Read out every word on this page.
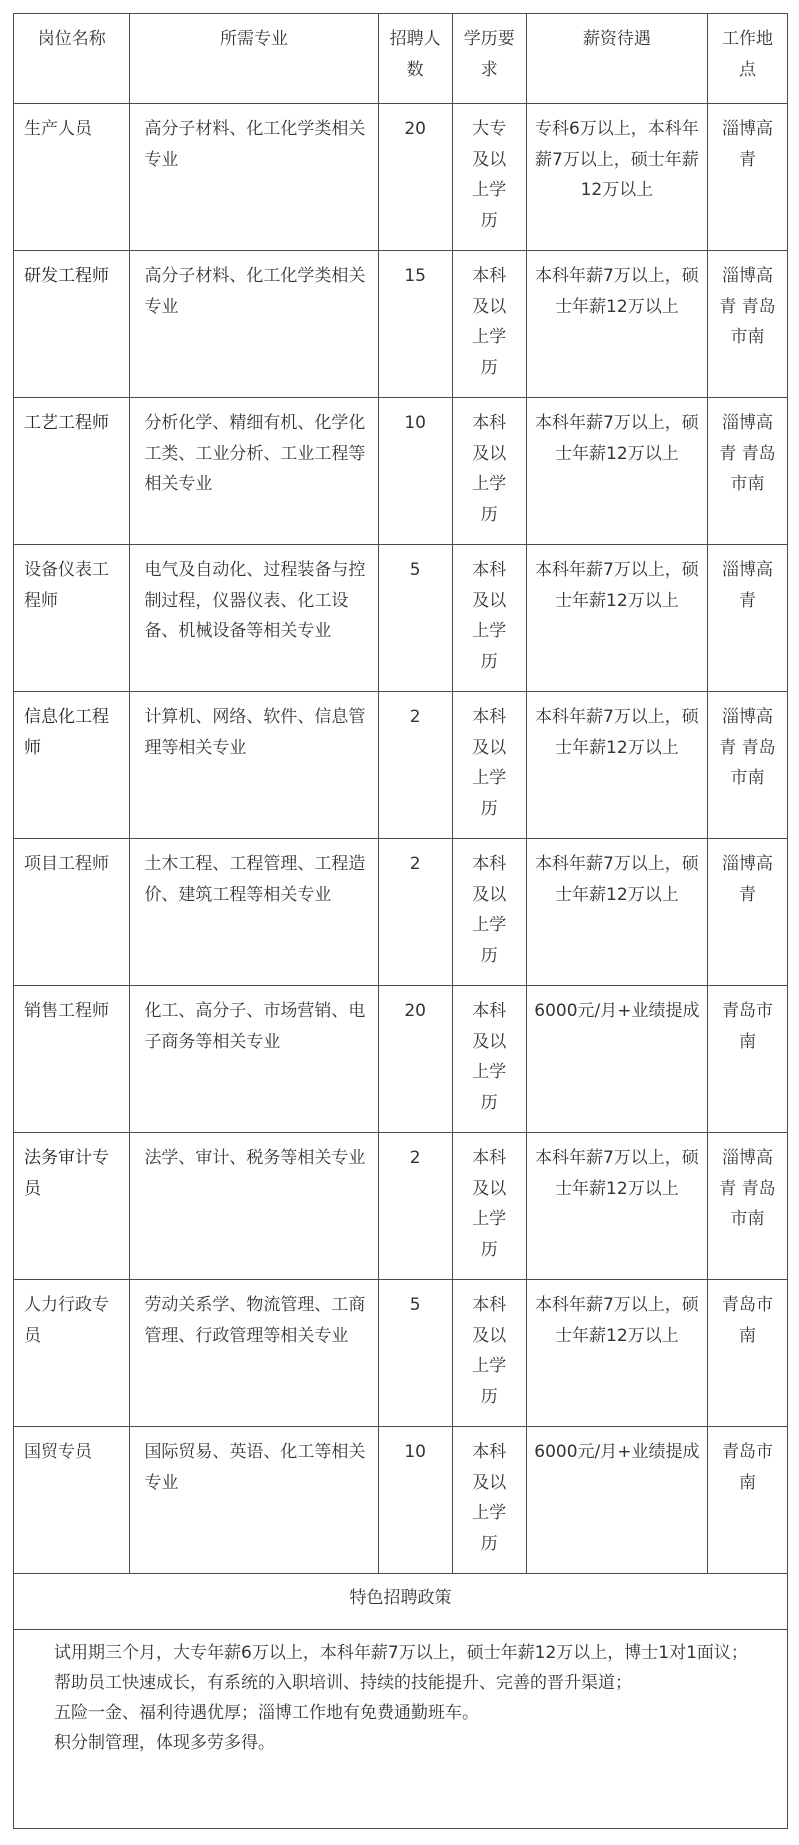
岗位名称	所需专业	招聘人数	学历要求	薪资待遇	工作地点
生产人员	高分子材料、化工化学类相关专业	20	大专及以上学历	专科6万以上，本科年薪7万以上，硕士年薪12万以上	淄博高青
研发工程师	高分子材料、化工化学类相关专业	15	本科及以上学历	本科年薪7万以上，硕士年薪12万以上	淄博高青 青岛市南
工艺工程师	分析化学、精细有机、化学化工类、工业分析、工业工程等相关专业	10	本科及以上学历	本科年薪7万以上，硕士年薪12万以上	淄博高青 青岛市南
设备仪表工程师	电气及自动化、过程装备与控制过程，仪器仪表、化工设备、机械设备等相关专业	5	本科及以上学历	本科年薪7万以上，硕士年薪12万以上	淄博高青
信息化工程师	计算机、网络、软件、信息管理等相关专业	2	本科及以上学历	本科年薪7万以上，硕士年薪12万以上	淄博高青 青岛市南
项目工程师	土木工程、工程管理、工程造价、建筑工程等相关专业	2	本科及以上学历	本科年薪7万以上，硕士年薪12万以上	淄博高青
销售工程师	化工、高分子、市场营销、电子商务等相关专业	20	本科及以上学历	6000元/月+业绩提成	青岛市南
法务审计专员	法学、审计、税务等相关专业	2	本科及以上学历	本科年薪7万以上，硕士年薪12万以上	淄博高青 青岛市南
人力行政专员	劳动关系学、物流管理、工商管理、行政管理等相关专业	5	本科及以上学历	本科年薪7万以上，硕士年薪12万以上	青岛市南
国贸专员	国际贸易、英语、化工等相关专业	10	本科及以上学历	6000元/月+业绩提成	青岛市南
特色招聘政策					

试用期三个月，大专年薪6万以上，本科年薪7万以上，硕士年薪12万以上，博士1对1面议；
帮助员工快速成长，有系统的入职培训、持续的技能提升、完善的晋升渠道；
五险一金、福利待遇优厚；淄博工作地有免费通勤班车。
积分制管理，体现多劳多得。					
